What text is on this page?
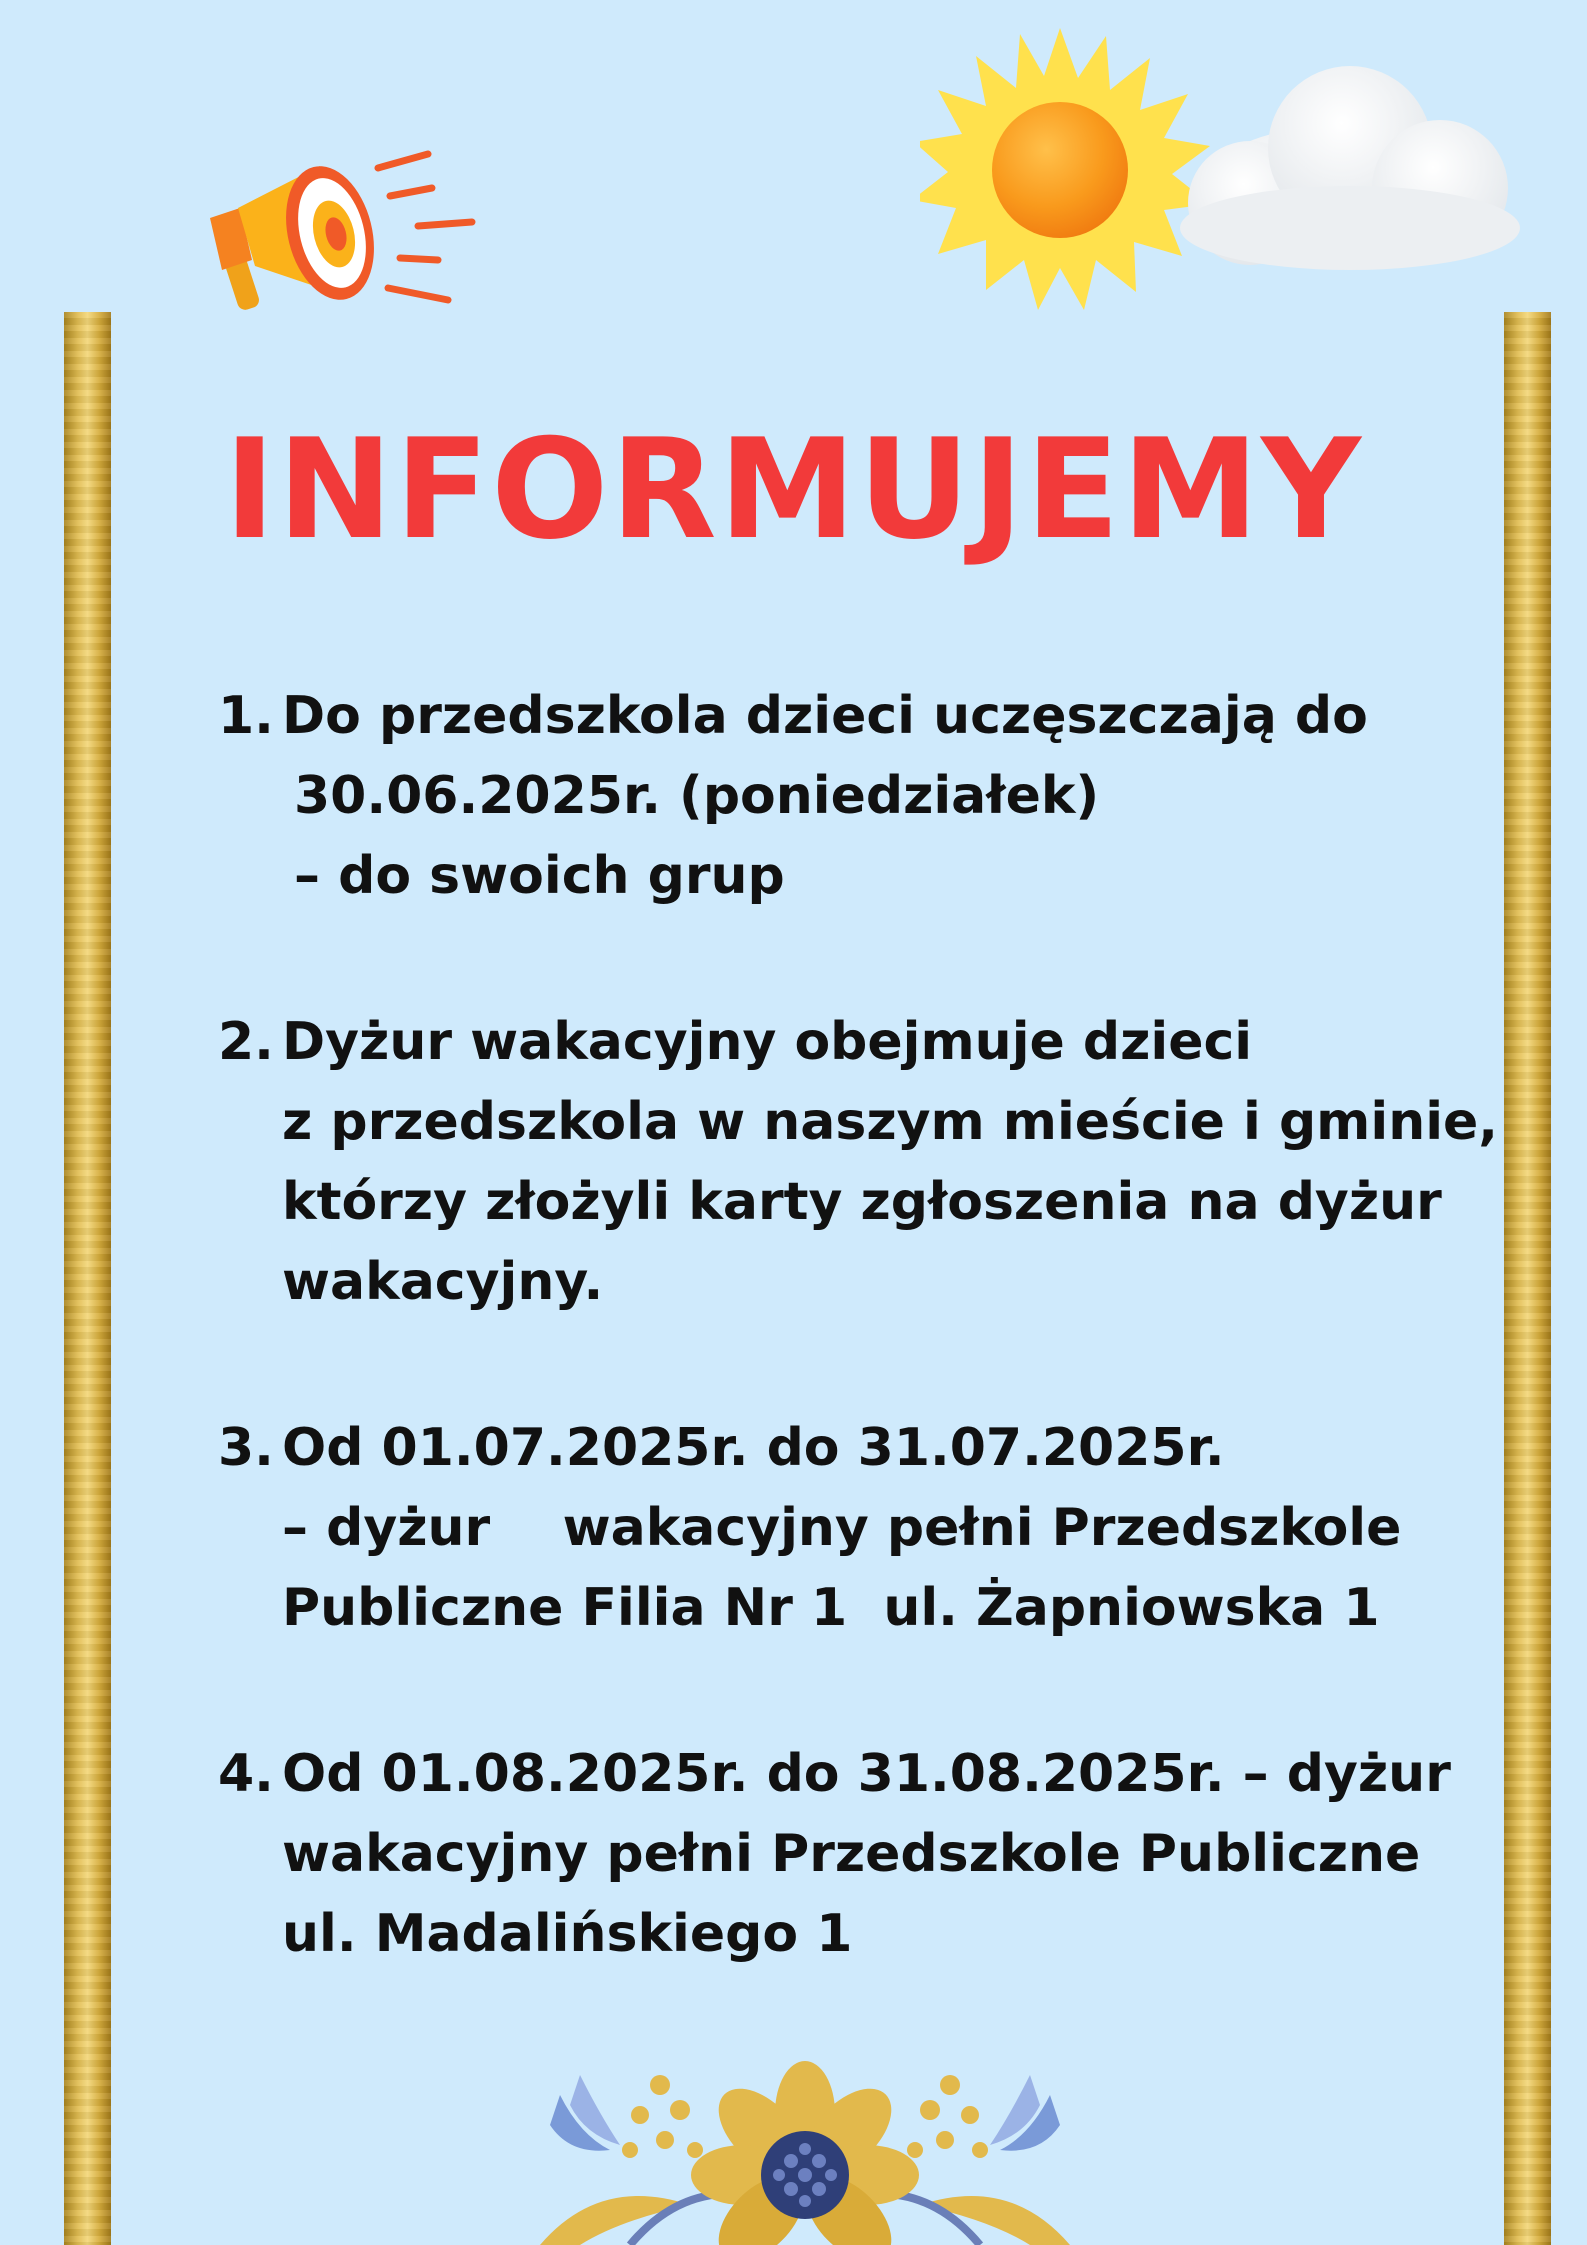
INFORMUJEMY
1. Do przedszkola dzieci uczęszczają do
30.06.2025r. (poniedziałek)
– do swoich grup
2. Dyżur wakacyjny obejmuje dzieci
z przedszkola w naszym mieście i gminie,
którzy złożyli karty zgłoszenia na dyżur
wakacyjny.
3. Od 01.07.2025r. do 31.07.2025r.
– dyżur    wakacyjny pełni Przedszkole
Publiczne Filia Nr 1  ul. Żapniowska 1
4. Od 01.08.2025r. do 31.08.2025r. – dyżur
wakacyjny pełni Przedszkole Publiczne
ul. Madalińskiego 1
